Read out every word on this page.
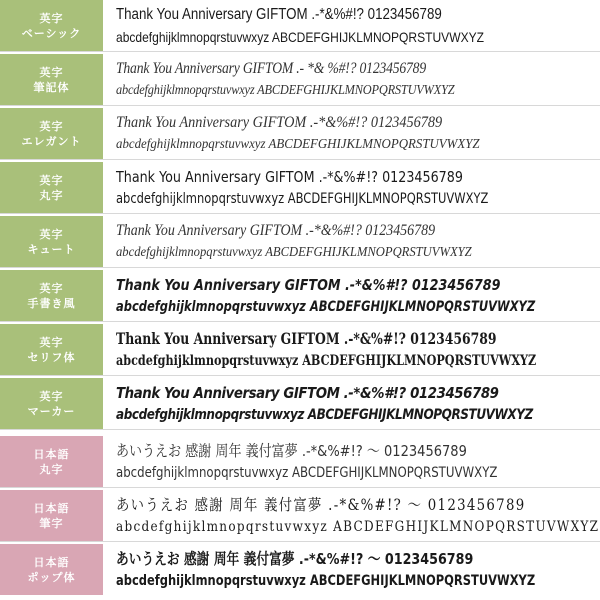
英字
ベーシック
Thank You Anniversary GIFTOM .-*&%#!? 0123456789
abcdefghijklmnopqrstuvwxyz ABCDEFGHIJKLMNOPQRSTUVWXYZ
英字
筆記体
Thank You Anniversary GIFTOM .- *& %#!? 0123456789
abcdefghijklmnopqrstuvwxyz ABCDEFGHIJKLMNOPQRSTUVWXYZ
英字
エレガント
Thank You Anniversary GIFTOM .-*&%#!? 0123456789
abcdefghijklmnopqrstuvwxyz ABCDEFGHIJKLMNOPQRSTUVWXYZ
英字
丸字
Thank You Anniversary GIFTOM .-*&%#!? 0123456789
abcdefghijklmnopqrstuvwxyz ABCDEFGHIJKLMNOPQRSTUVWXYZ
英字
キュート
Thank You Anniversary GIFTOM .-*&%#!? 0123456789
abcdefghijklmnopqrstuvwxyz ABCDEFGHIJKLMNOPQRSTUVWXYZ
英字
手書き風
Thank You Anniversary GIFTOM .-*&%#!? 0123456789
abcdefghijklmnopqrstuvwxyz ABCDEFGHIJKLMNOPQRSTUVWXYZ
英字
セリフ体
Thank You Anniversary GIFTOM .-*&%#!? 0123456789
abcdefghijklmnopqrstuvwxyz ABCDEFGHIJKLMNOPQRSTUVWXYZ
英字
マーカー
Thank You Anniversary GIFTOM .-*&%#!? 0123456789
abcdefghijklmnopqrstuvwxyz ABCDEFGHIJKLMNOPQRSTUVWXYZ
日本語
丸字
あいうえお 感謝 周年 義付富夢 .-*&%#!? ～ 0123456789
abcdefghijklmnopqrstuvwxyz ABCDEFGHIJKLMNOPQRSTUVWXYZ
日本語
筆字
あいうえお 感謝 周年 義付富夢 .-*&%#!? ～ 0123456789
abcdefghijklmnopqrstuvwxyz ABCDEFGHIJKLMNOPQRSTUVWXYZ
日本語
ポップ体
あいうえお 感謝 周年 義付富夢 .-*&%#!? ～ 0123456789
abcdefghijklmnopqrstuvwxyz ABCDEFGHIJKLMNOPQRSTUVWXYZ
